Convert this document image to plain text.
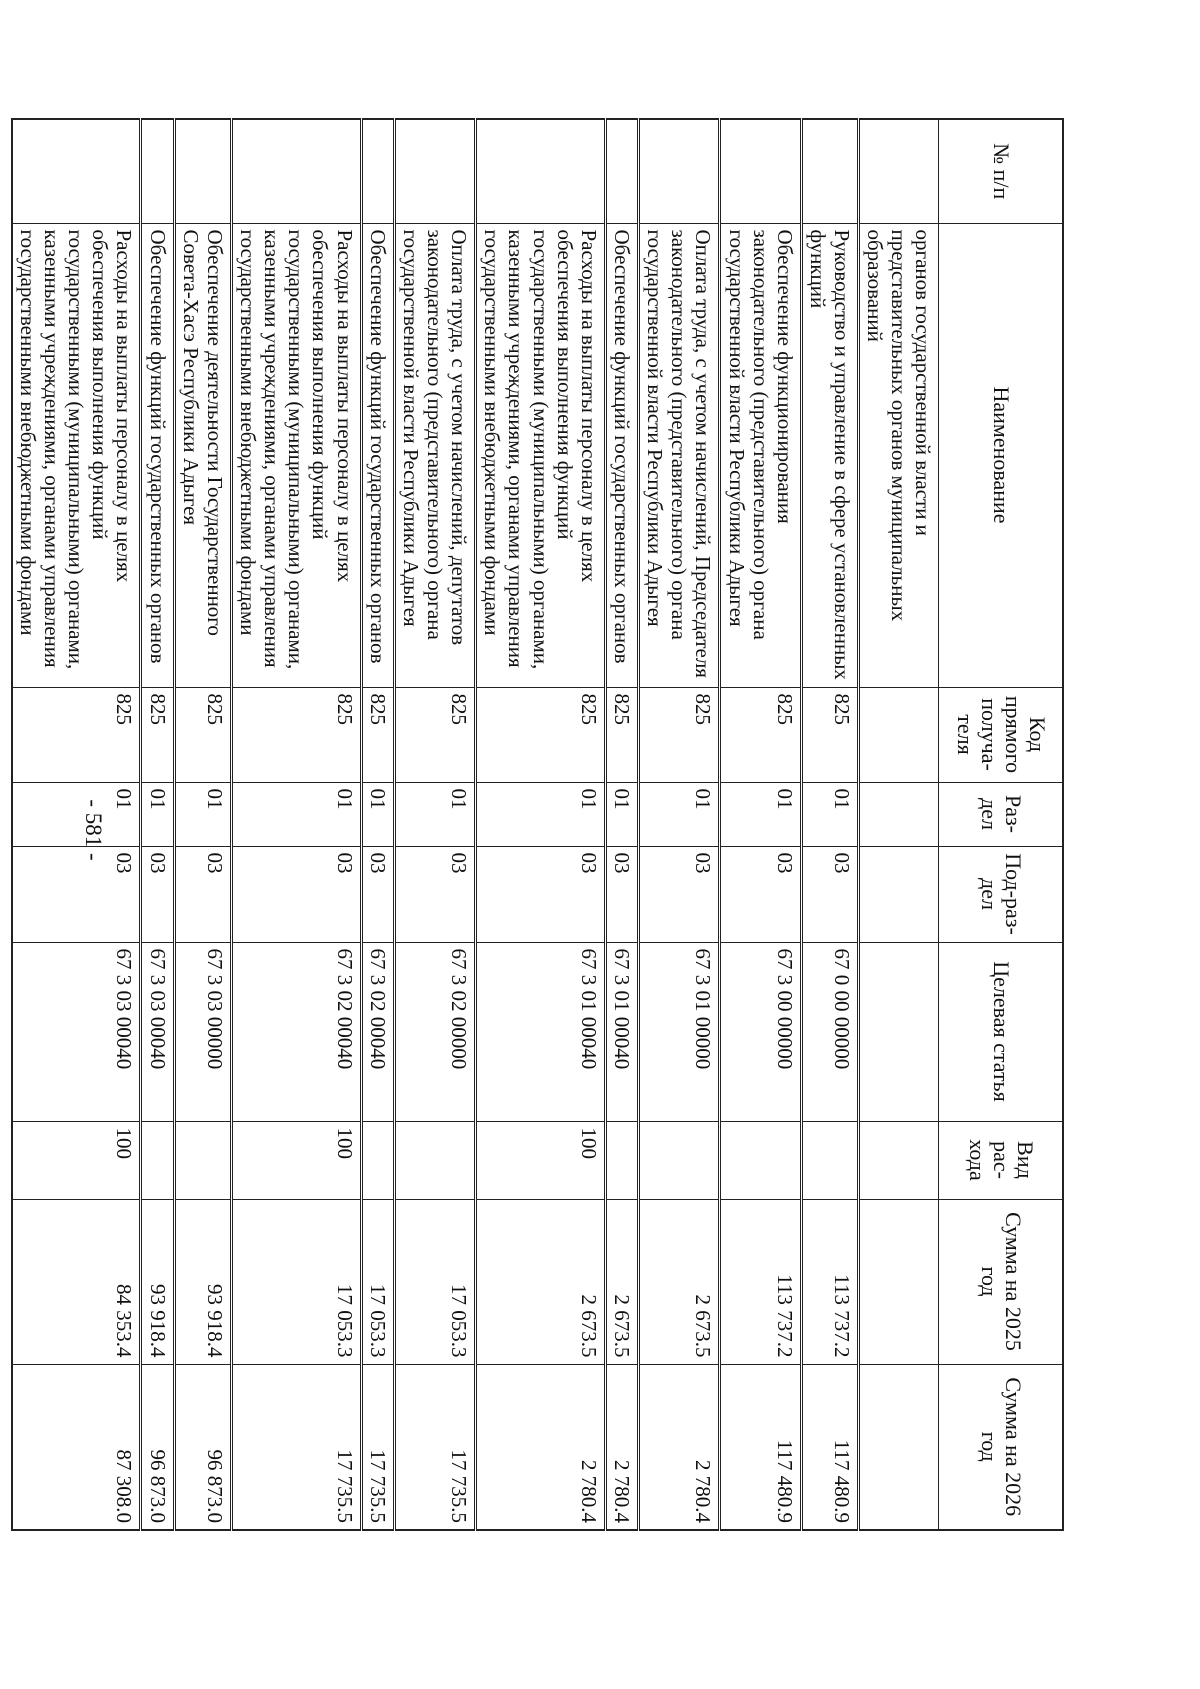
- 581 -
№ п/п	Наименование	Код прямого получа-теля	Раз-дел	Под-раз-дел	Целевая статья	Вид рас-хода	Сумма на 2025 год	Сумма на 2026 год
	органов государственной власти и представительных органов муниципальных образований							
	Руководство и управление в сфере установленных функций	825	01	03	67 0 00 00000		113 737.2	117 480.9
	Обеспечение функционирования законодательного (представительного) органа государственной власти Республики Адыгея	825	01	03	67 3 00 00000		113 737.2	117 480.9
	Оплата труда, с учетом начислений, Председателя законодательного (представительного) органа государственной власти Республики Адыгея	825	01	03	67 3 01 00000		2 673.5	2 780.4
	Обеспечение функций государственных органов	825	01	03	67 3 01 00040		2 673.5	2 780.4
	Расходы на выплаты персоналу в целях обеспечения выполнения функций государственными (муниципальными) органами, казенными учреждениями, органами управления государственными внебюджетными фондами	825	01	03	67 3 01 00040	100	2 673.5	2 780.4
	Оплата труда, с учетом начислений, депутатов законодательного (представительного) органа государственной власти Республики Адыгея	825	01	03	67 3 02 00000		17 053.3	17 735.5
	Обеспечение функций государственных органов	825	01	03	67 3 02 00040		17 053.3	17 735.5
	Расходы на выплаты персоналу в целях обеспечения выполнения функций государственными (муниципальными) органами, казенными учреждениями, органами управления государственными внебюджетными фондами	825	01	03	67 3 02 00040	100	17 053.3	17 735.5
	Обеспечение деятельности Государственного Совета-Хасэ Республики Адыгея	825	01	03	67 3 03 00000		93 918.4	96 873.0
	Обеспечение функций государственных органов	825	01	03	67 3 03 00040		93 918.4	96 873.0
	Расходы на выплаты персоналу в целях обеспечения выполнения функций государственными (муниципальными) органами, казенными учреждениями, органами управления государственными внебюджетными фондами	825	01	03	67 3 03 00040	100	84 353.4	87 308.0
